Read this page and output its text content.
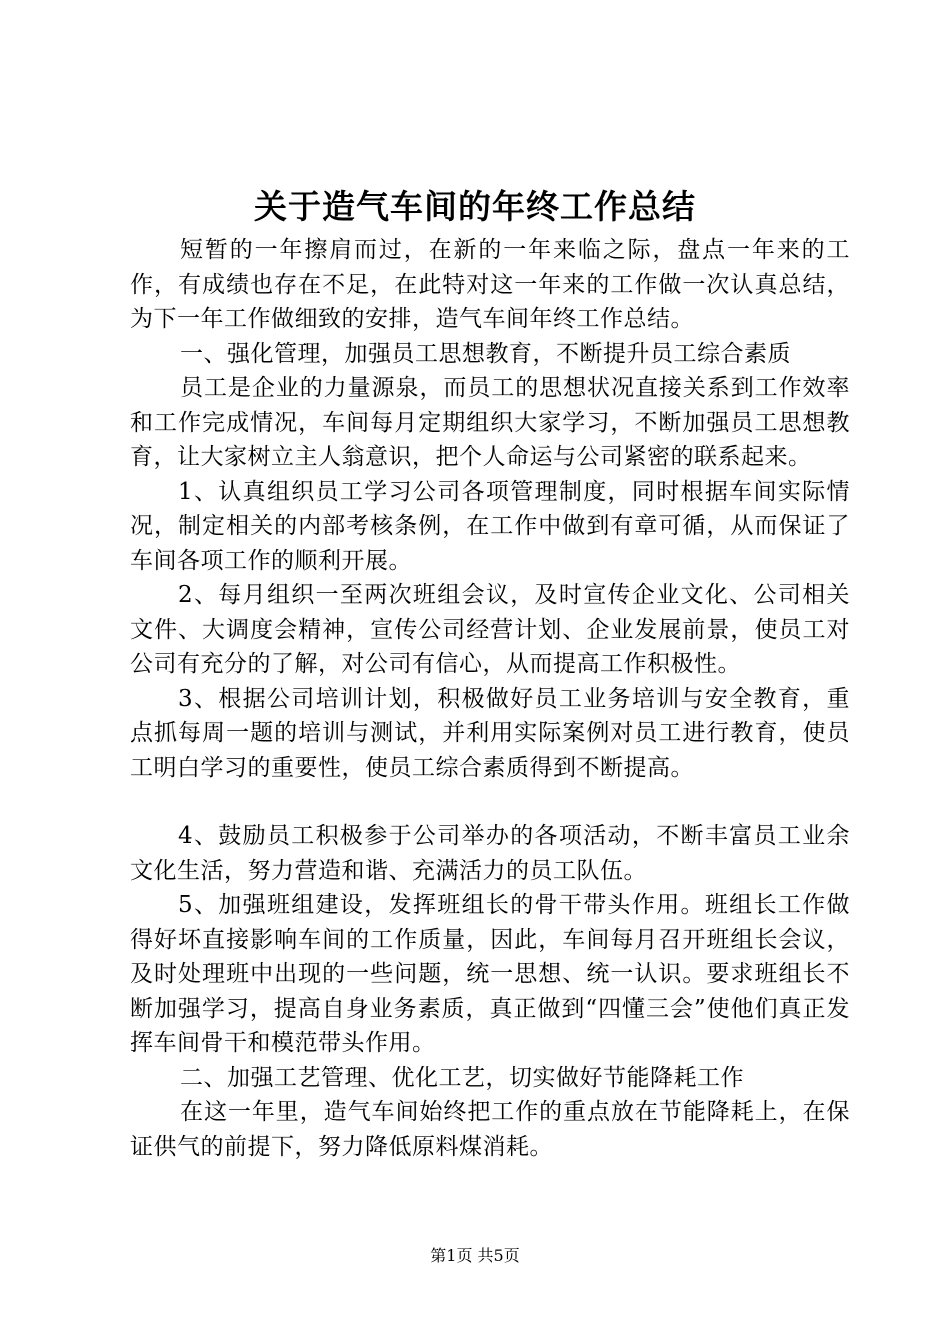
关于造气车间的年终工作总结

短暂的一年擦肩而过，在新的一年来临之际，盘点一年来的工作，有成绩也存在不足，在此特对这一年来的工作做一次认真总结，为下一年工作做细致的安排，造气车间年终工作总结。

一、强化管理，加强员工思想教育，不断提升员工综合素质

员工是企业的力量源泉，而员工的思想状况直接关系到工作效率和工作完成情况，车间每月定期组织大家学习，不断加强员工思想教育，让大家树立主人翁意识，把个人命运与公司紧密的联系起来。

1、认真组织员工学习公司各项管理制度，同时根据车间实际情况，制定相关的内部考核条例，在工作中做到有章可循，从而保证了车间各项工作的顺利开展。

2、每月组织一至两次班组会议，及时宣传企业文化、公司相关文件、大调度会精神，宣传公司经营计划、企业发展前景，使员工对公司有充分的了解，对公司有信心，从而提高工作积极性。

3、根据公司培训计划，积极做好员工业务培训与安全教育，重点抓每周一题的培训与测试，并利用实际案例对员工进行教育，使员工明白学习的重要性，使员工综合素质得到不断提高。

4、鼓励员工积极参于公司举办的各项活动，不断丰富员工业余文化生活，努力营造和谐、充满活力的员工队伍。

5、加强班组建设，发挥班组长的骨干带头作用。班组长工作做得好坏直接影响车间的工作质量，因此，车间每月召开班组长会议，及时处理班中出现的一些问题，统一思想、统一认识。要求班组长不断加强学习，提高自身业务素质，真正做到“四懂三会”使他们真正发挥车间骨干和模范带头作用。

二、加强工艺管理、优化工艺，切实做好节能降耗工作

在这一年里，造气车间始终把工作的重点放在节能降耗上，在保证供气的前提下，努力降低原料煤消耗。

第1页 共5页
